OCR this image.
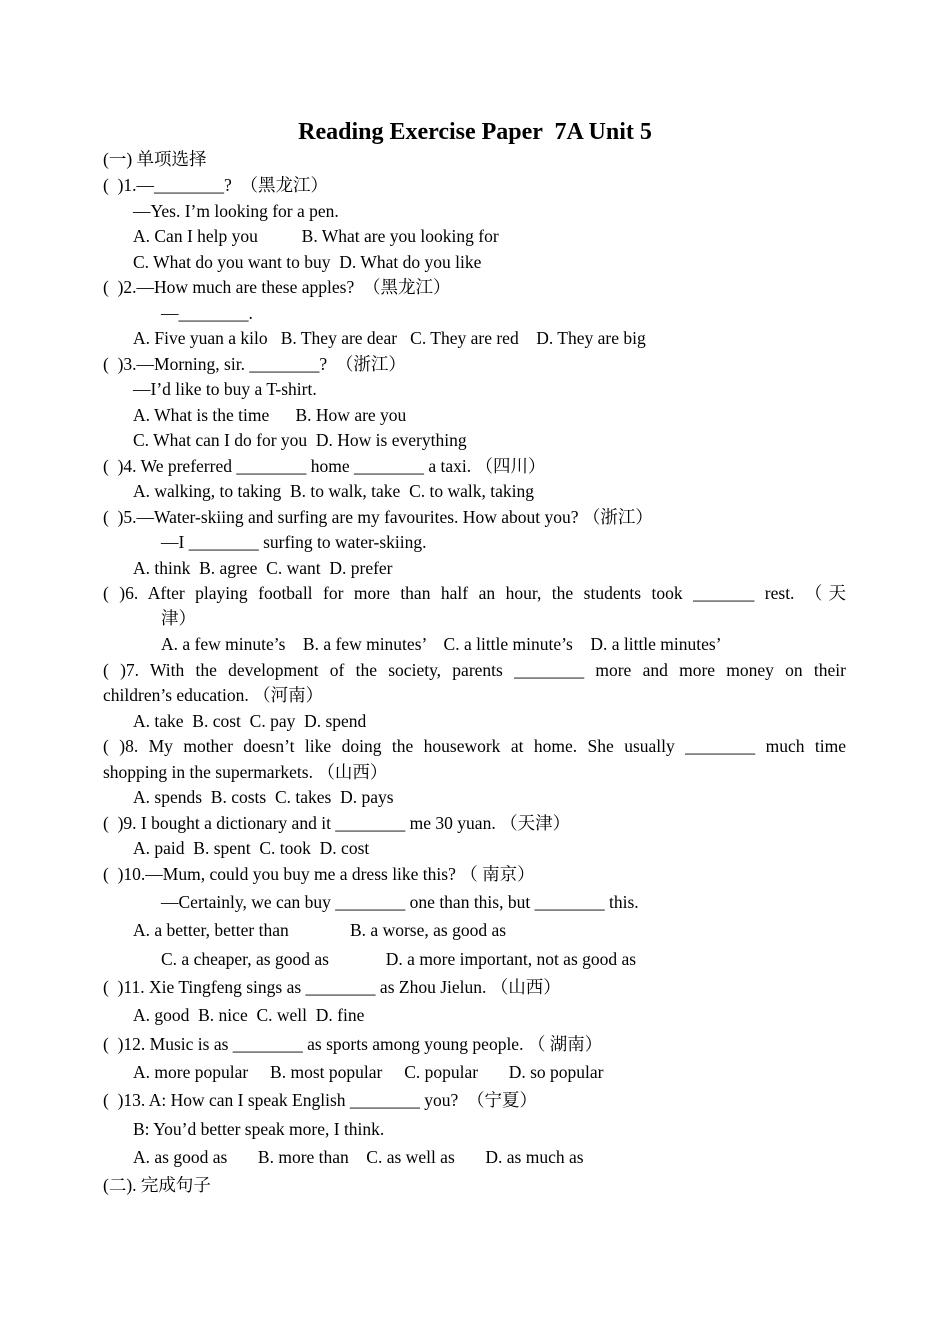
Reading Exercise Paper  7A Unit 5
(一) 单项选择
(  )1.—________?  （黑龙江）
—Yes. I’m looking for a pen.
A. Can I help you          B. What are you looking for
C. What do you want to buy  D. What do you like
(  )2.—How much are these apples?  （黑龙江）
—________.
A. Five yuan a kilo   B. They are dear   C. They are red    D. They are big
(  )3.—Morning, sir. ________?  （浙江）
—I’d like to buy a T-shirt.
A. What is the time      B. How are you
C. What can I do for you  D. How is everything
(  )4. We preferred ________ home ________ a taxi. （四川）
A. walking, to taking  B. to walk, take  C. to walk, taking
(  )5.—Water-skiing and surfing are my favourites. How about you? （浙江）
—I ________ surfing to water-skiing.
A. think  B. agree  C. want  D. prefer
( )6. After playing football for more than half an hour, the students took _______ rest. （天
津）
A. a few minute’s    B. a few minutes’    C. a little minute’s    D. a little minutes’
( )7. With the development of the society, parents ________ more and more money on their
children’s education. （河南）
A. take  B. cost  C. pay  D. spend
( )8. My mother doesn’t like doing the housework at home. She usually ________ much time
shopping in the supermarkets. （山西）
A. spends  B. costs  C. takes  D. pays
(  )9. I bought a dictionary and it ________ me 30 yuan. （天津）
A. paid  B. spent  C. took  D. cost
(  )10.—Mum, could you buy me a dress like this? （ 南京）
—Certainly, we can buy ________ one than this, but ________ this.
A. a better, better than              B. a worse, as good as
C. a cheaper, as good as             D. a more important, not as good as
(  )11. Xie Tingfeng sings as ________ as Zhou Jielun. （山西）
A. good  B. nice  C. well  D. fine
(  )12. Music is as ________ as sports among young people. （ 湖南）
A. more popular     B. most popular     C. popular       D. so popular
(  )13. A: How can I speak English ________ you?  （宁夏）
B: You’d better speak more, I think.
A. as good as       B. more than    C. as well as       D. as much as
(二). 完成句子
